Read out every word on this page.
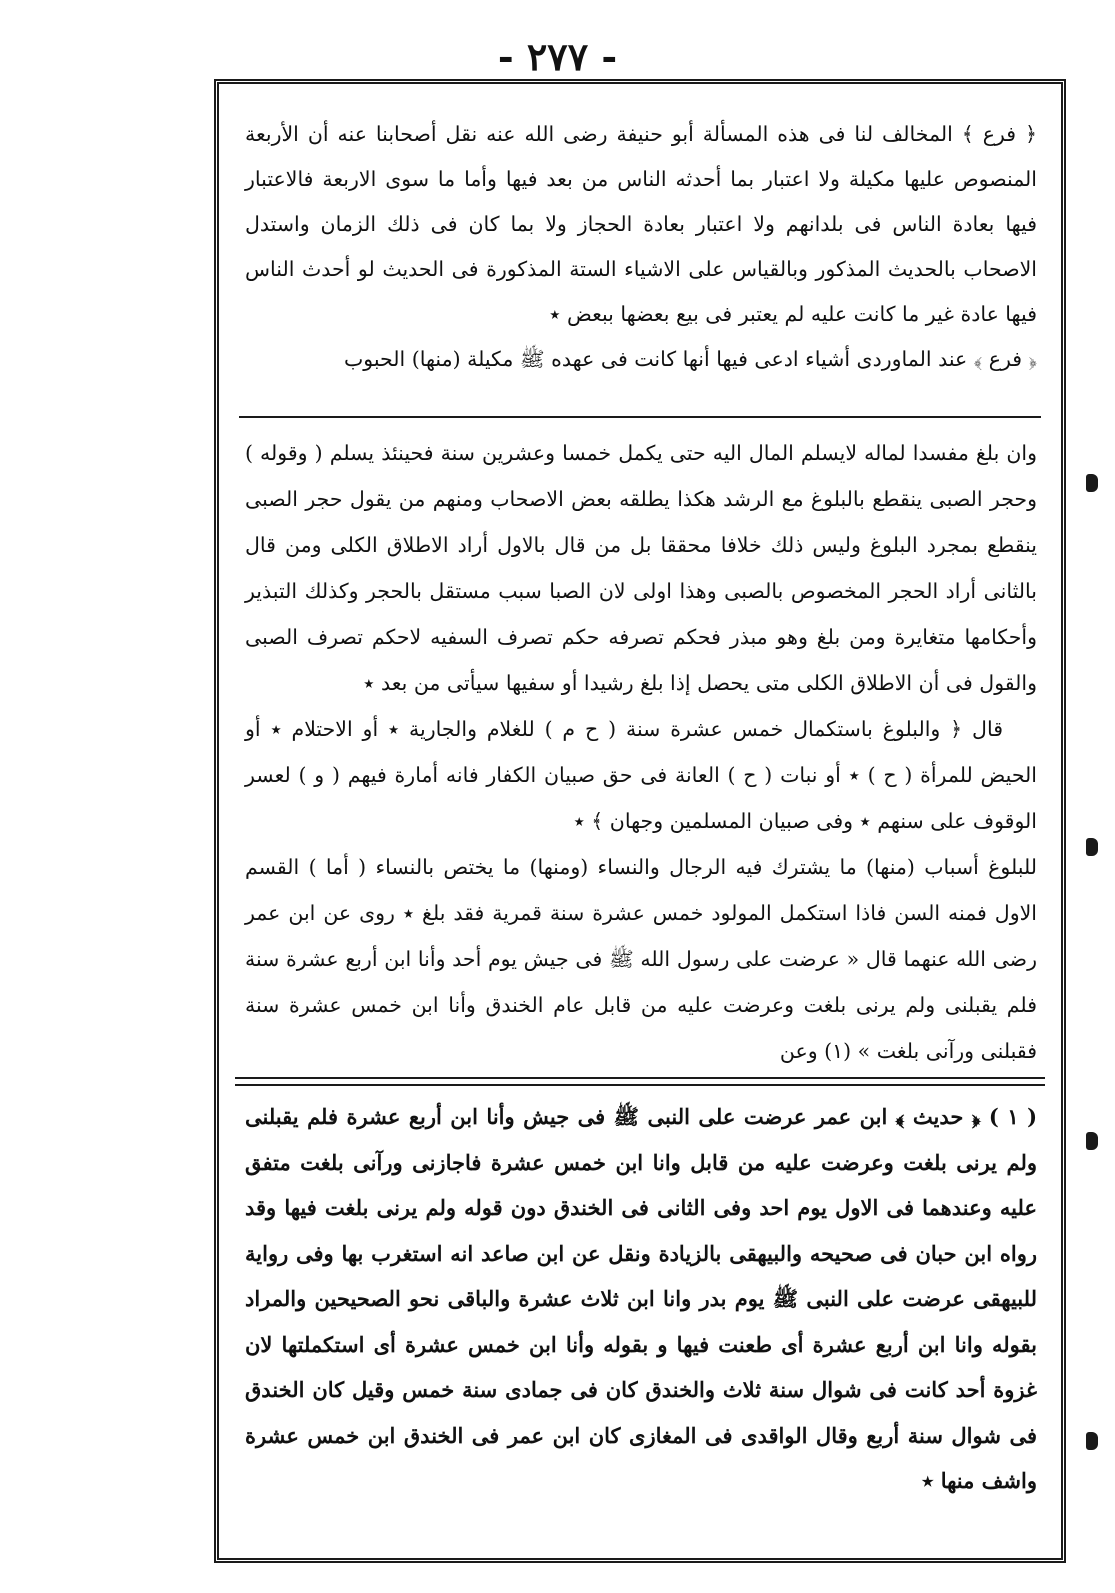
- ٢٧٧ -

﴿ فرع ﴾ المخالف لنا فى هذه المسألة أبو حنيفة رضى الله عنه نقل أصحابنا عنه أن الأربعة المنصوص عليها مكيلة ولا اعتبار بما أحدثه الناس من بعد فيها وأما ما سوى الاربعة فالاعتبار فيها بعادة الناس فى بلدانهم ولا اعتبار بعادة الحجاز ولا بما كان فى ذلك الزمان واستدل الاصحاب بالحديث المذكور وبالقياس على الاشياء الستة المذكورة فى الحديث لو أحدث الناس فيها عادة غير ما كانت عليه لم يعتبر فى بيع بعضها ببعض ٭

﴿ فرع ﴾ عند الماوردى أشياء ادعى فيها أنها كانت فى عهده ﷺ مكيلة (منها) الحبوب

وان بلغ مفسدا لماله لايسلم المال اليه حتى يكمل خمسا وعشرين سنة فحينئذ يسلم ( وقوله ) وحجر الصبى ينقطع بالبلوغ مع الرشد هكذا يطلقه بعض الاصحاب ومنهم من يقول حجر الصبى ينقطع بمجرد البلوغ وليس ذلك خلافا محققا بل من قال بالاول أراد الاطلاق الكلى ومن قال بالثانى أراد الحجر المخصوص بالصبى وهذا اولى لان الصبا سبب مستقل بالحجر وكذلك التبذير وأحكامها متغايرة ومن بلغ وهو مبذر فحكم تصرفه حكم تصرف السفيه لاحكم تصرف الصبى والقول فى أن الاطلاق الكلى متى يحصل إذا بلغ رشيدا أو سفيها سيأتى من بعد ٭

قال ﴿ والبلوغ باستكمال خمس عشرة سنة ( ح م ) للغلام والجارية ٭ أو الاحتلام ٭ أو الحيض للمرأة ( ح ) ٭ أو نبات ( ح ) العانة فى حق صبيان الكفار فانه أمارة فيهم ( و ) لعسر الوقوف على سنهم ٭ وفى صبيان المسلمين وجهان ﴾ ٭

للبلوغ أسباب (منها) ما يشترك فيه الرجال والنساء (ومنها) ما يختص بالنساء ( أما ) القسم الاول فمنه السن فاذا استكمل المولود خمس عشرة سنة قمرية فقد بلغ ٭ روى عن ابن عمر رضى الله عنهما قال « عرضت على رسول الله ﷺ فى جيش يوم أحد وأنا ابن أربع عشرة سنة فلم يقبلنى ولم يرنى بلغت وعرضت عليه من قابل عام الخندق وأنا ابن خمس عشرة سنة فقبلنى ورآنى بلغت » (١) وعن

( ١ ) ﴿ حديث ﴾ ابن عمر عرضت على النبى ﷺ فى جيش وأنا ابن أربع عشرة فلم يقبلنى ولم يرنى بلغت وعرضت عليه من قابل وانا ابن خمس عشرة فاجازنى ورآنى بلغت متفق عليه وعندهما فى الاول يوم احد وفى الثانى فى الخندق دون قوله ولم يرنى بلغت فيها وقد رواه ابن حبان فى صحيحه والبيهقى بالزيادة ونقل عن ابن صاعد انه استغرب بها وفى رواية للبيهقى عرضت على النبى ﷺ يوم بدر وانا ابن ثلاث عشرة والباقى نحو الصحيحين والمراد بقوله وانا ابن أربع عشرة أى طعنت فيها و بقوله وأنا ابن خمس عشرة أى استكملتها لان غزوة أحد كانت فى شوال سنة ثلاث والخندق كان فى جمادى سنة خمس وقيل كان الخندق فى شوال سنة أربع وقال الواقدى فى المغازى كان ابن عمر فى الخندق ابن خمس عشرة واشف منها ٭
